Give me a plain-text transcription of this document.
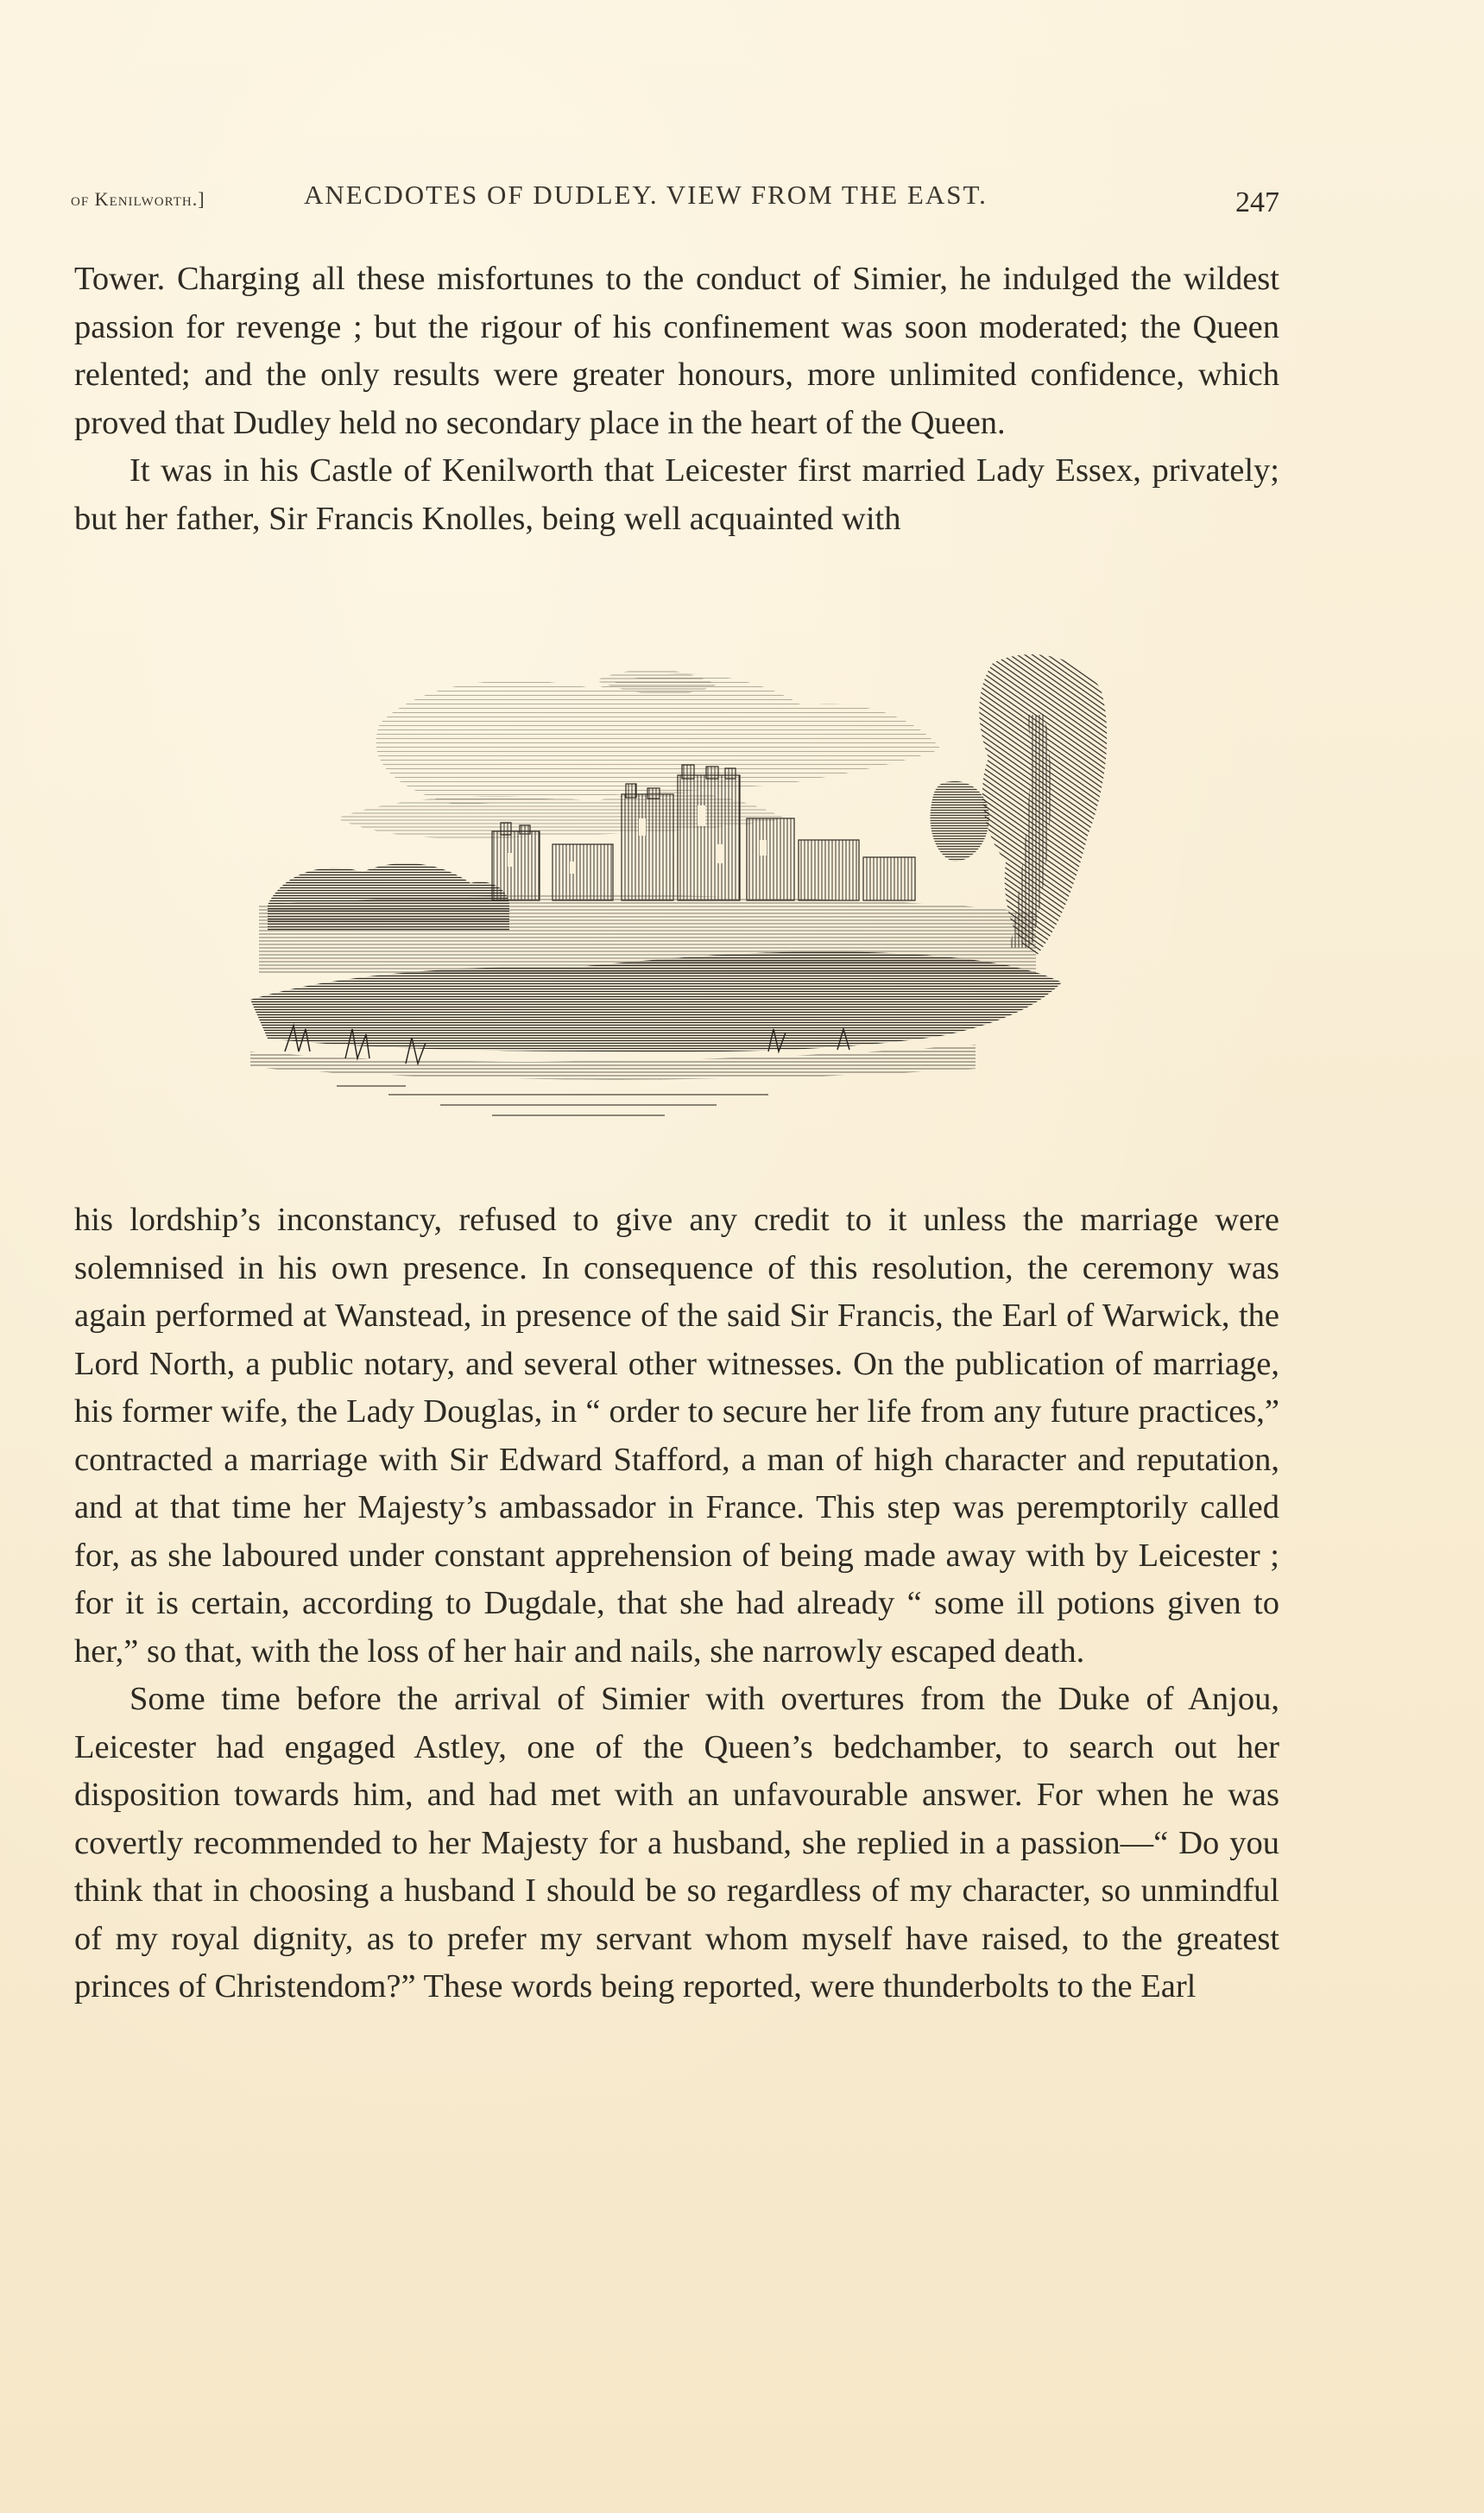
of Kenilworth.]	ANECDOTES OF DUDLEY. VIEW FROM THE EAST.	247

Tower. Charging all these misfortunes to the conduct of Simier, he indulged the wildest passion for revenge ; but the rigour of his confinement was soon moderated; the Queen relented; and the only results were greater honours, more unlimited confidence, which proved that Dudley held no secondary place in the heart of the Queen.

It was in his Castle of Kenilworth that Leicester first married Lady Essex, privately; but her father, Sir Francis Knolles, being well acquainted with

his lordship’s inconstancy, refused to give any credit to it unless the marriage were solemnised in his own presence. In consequence of this resolution, the ceremony was again performed at Wanstead, in presence of the said Sir Francis, the Earl of Warwick, the Lord North, a public notary, and several other witnesses. On the publication of marriage, his former wife, the Lady Douglas, in “ order to secure her life from any future practices,” contracted a marriage with Sir Edward Stafford, a man of high character and reputation, and at that time her Majesty’s ambassador in France. This step was peremptorily called for, as she laboured under constant apprehension of being made away with by Leicester ; for it is certain, according to Dugdale, that she had already “ some ill potions given to her,” so that, with the loss of her hair and nails, she narrowly escaped death.

Some time before the arrival of Simier with overtures from the Duke of Anjou, Leicester had engaged Astley, one of the Queen’s bedchamber, to search out her disposition towards him, and had met with an unfavourable answer. For when he was covertly recommended to her Majesty for a husband, she replied in a passion—“ Do you think that in choosing a husband I should be so regardless of my character, so unmindful of my royal dignity, as to prefer my servant whom myself have raised, to the greatest princes of Christendom?” These words being reported, were thunderbolts to the Earl
